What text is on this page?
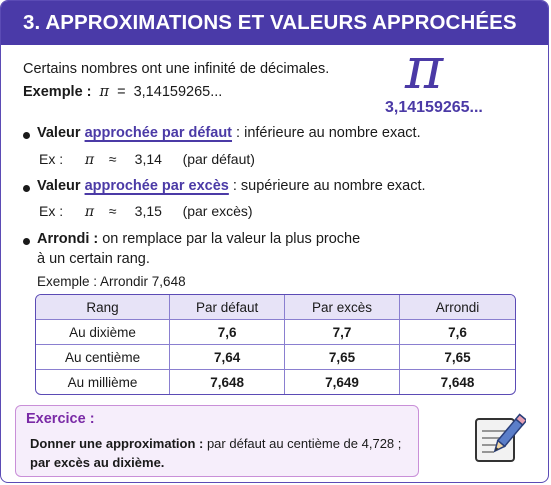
3. APPROXIMATIONS ET VALEURS APPROCHÉES
Certains nombres ont une infinité de décimales.
Exemple : π = 3,14159265...	π
3,14159265...
Valeur approchée par défaut : inférieure au nombre exact.
Ex : π ≈ 3,14 (par défaut)
Valeur approchée par excès : supérieure au nombre exact.
Ex : π ≈ 3,15 (par excès)
Arrondi : on remplace par la valeur la plus proche
à un certain rang.
Exemple : Arrondir 7,648
Rang	Par défaut	Par excès	Arrondi
Au dixième	7,6	7,7	7,6
Au centième	7,64	7,65	7,65
Au millième	7,648	7,649	7,648
Exercice :
Donner une approximation : par défaut au centième de 4,728 ;
par excès au dixième.
